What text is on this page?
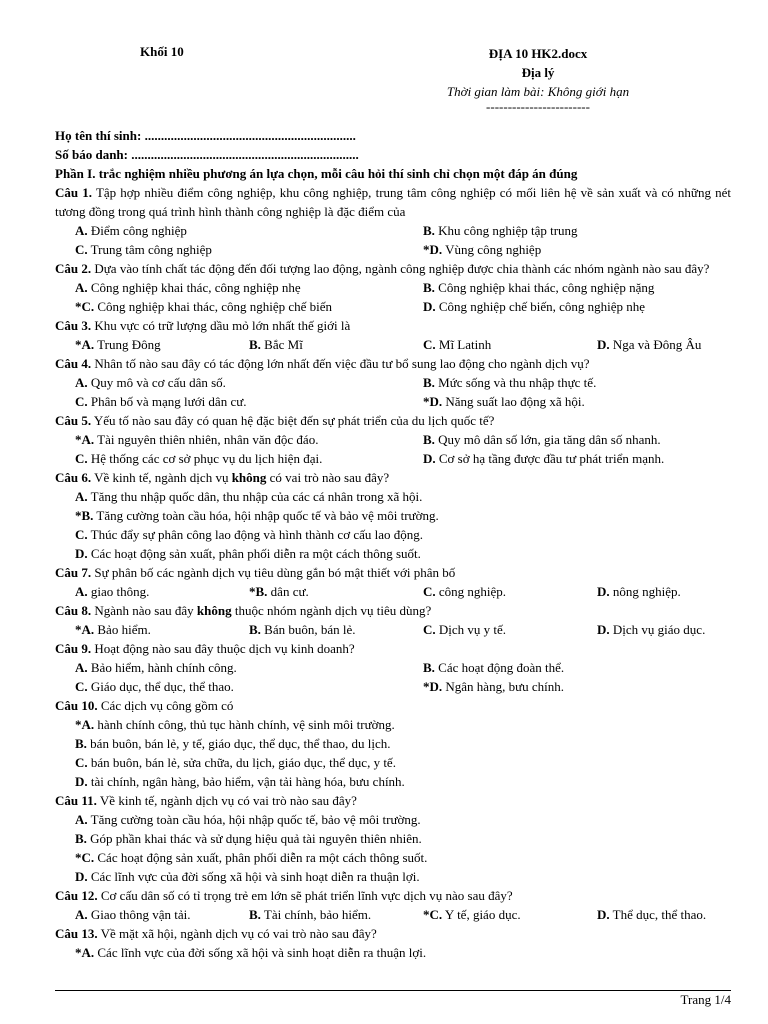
Khối 10	ĐỊA 10 HK2.docx
Địa lý
Thời gian làm bài: Không giới hạn
------------------------
Họ tên thí sinh: .................................................................
Số báo danh: ......................................................................
Phần I. trắc nghiệm nhiều phương án lựa chọn, mỗi câu hỏi thí sinh chỉ chọn một đáp án đúng
Câu 1. Tập hợp nhiều điểm công nghiệp, khu công nghiệp, trung tâm công nghiệp có mối liên hệ về sản xuất và có những nét tương đồng trong quá trình hình thành công nghiệp là đặc điểm của
A. Điểm công nghiệp	B. Khu công nghiệp tập trung
C. Trung tâm công nghiệp	*D. Vùng công nghiệp
Câu 2. Dựa vào tính chất tác động đến đối tượng lao động, ngành công nghiệp được chia thành các nhóm ngành nào sau đây?
A. Công nghiệp khai thác, công nghiệp nhẹ	B. Công nghiệp khai thác, công nghiệp nặng
*C. Công nghiệp khai thác, công nghiệp chế biến	D. Công nghiệp chế biến, công nghiệp nhẹ
Câu 3. Khu vực có trữ lượng dầu mỏ lớn nhất thế giới là
*A. Trung Đông	B. Bắc Mĩ	C. Mĩ Latinh	D. Nga và Đông Âu
Câu 4. Nhân tố nào sau đây có tác động lớn nhất đến việc đầu tư bổ sung lao động cho ngành dịch vụ?
A. Quy mô và cơ cấu dân số.	B. Mức sống và thu nhập thực tế.
C. Phân bố và mạng lưới dân cư.	*D. Năng suất lao động xã hội.
Câu 5. Yếu tố nào sau đây có quan hệ đặc biệt đến sự phát triển của du lịch quốc tế?
*A. Tài nguyên thiên nhiên, nhân văn độc đáo.	B. Quy mô dân số lớn, gia tăng dân số nhanh.
C. Hệ thống các cơ sở phục vụ du lịch hiện đại.	D. Cơ sở hạ tầng được đầu tư phát triển mạnh.
Câu 6. Về kinh tế, ngành dịch vụ không có vai trò nào sau đây?
A. Tăng thu nhập quốc dân, thu nhập của các cá nhân trong xã hội.
*B. Tăng cường toàn cầu hóa, hội nhập quốc tế và bảo vệ môi trường.
C. Thúc đẩy sự phân công lao động và hình thành cơ cấu lao động.
D. Các hoạt động sản xuất, phân phối diễn ra một cách thông suốt.
Câu 7. Sự phân bố các ngành dịch vụ tiêu dùng gắn bó mật thiết với phân bố
A. giao thông.	*B. dân cư.	C. công nghiệp.	D. nông nghiệp.
Câu 8. Ngành nào sau đây không thuộc nhóm ngành dịch vụ tiêu dùng?
*A. Bảo hiểm.	B. Bán buôn, bán lẻ.	C. Dịch vụ y tế.	D. Dịch vụ giáo dục.
Câu 9. Hoạt động nào sau đây thuộc dịch vụ kinh doanh?
A. Bảo hiểm, hành chính công.	B. Các hoạt động đoàn thể.
C. Giáo dục, thể dục, thể thao.	*D. Ngân hàng, bưu chính.
Câu 10. Các dịch vụ công gồm có
*A. hành chính công, thủ tục hành chính, vệ sinh môi trường.
B. bán buôn, bán lẻ, y tế, giáo dục, thể dục, thể thao, du lịch.
C. bán buôn, bán lẻ, sửa chữa, du lịch, giáo dục, thể dục, y tế.
D. tài chính, ngân hàng, bảo hiểm, vận tải hàng hóa, bưu chính.
Câu 11. Về kinh tế, ngành dịch vụ có vai trò nào sau đây?
A. Tăng cường toàn cầu hóa, hội nhập quốc tế, bảo vệ môi trường.
B. Góp phần khai thác và sử dụng hiệu quả tài nguyên thiên nhiên.
*C. Các hoạt động sản xuất, phân phối diễn ra một cách thông suốt.
D. Các lĩnh vực của đời sống xã hội và sinh hoạt diễn ra thuận lợi.
Câu 12. Cơ cấu dân số có tỉ trọng trẻ em lớn sẽ phát triển lĩnh vực dịch vụ nào sau đây?
A. Giao thông vận tải.	B. Tài chính, bảo hiểm.	*C. Y tế, giáo dục.	D. Thể dục, thể thao.
Câu 13. Về mặt xã hội, ngành dịch vụ có vai trò nào sau đây?
*A. Các lĩnh vực của đời sống xã hội và sinh hoạt diễn ra thuận lợi.
Trang 1/4
